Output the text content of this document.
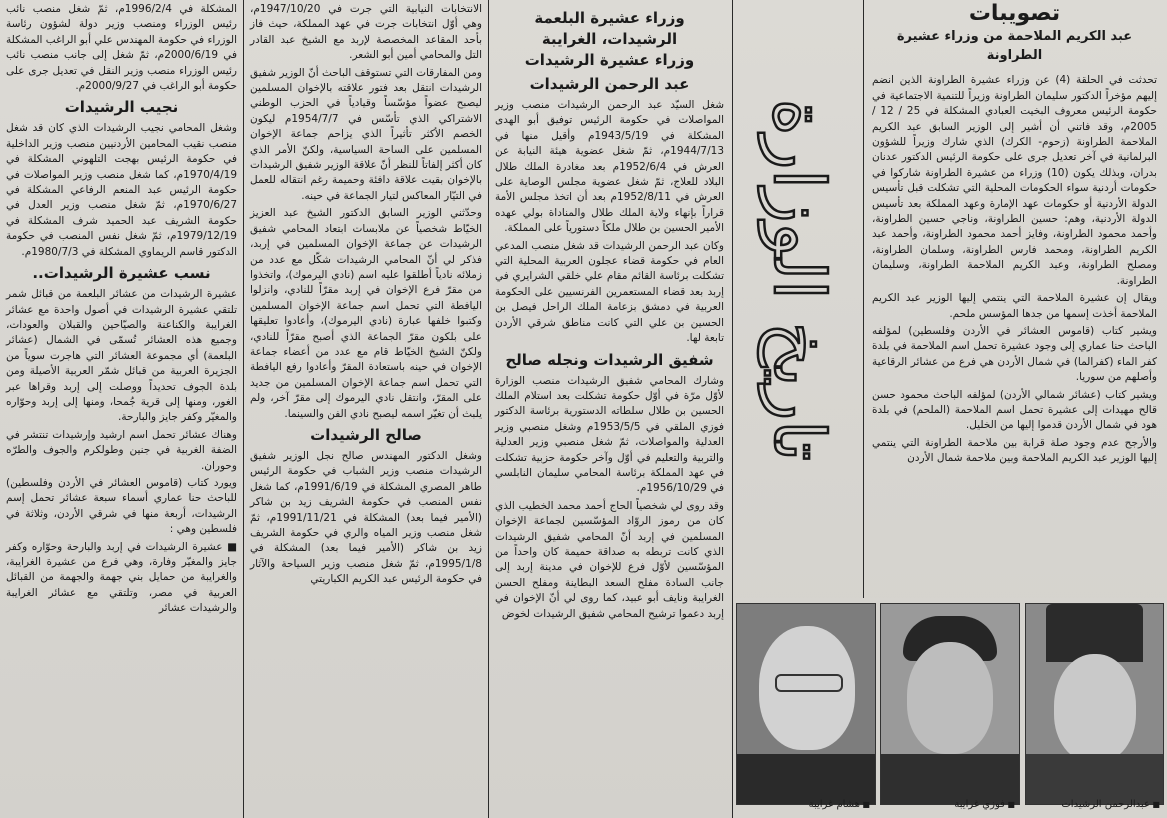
تصويبات
عبد الكريم الملاحمة من وزراء عشيرة الطراونة

تحدثت في الحلقة (4) عن وزراء عشيرة الطراونة الذين انضم إليهم مؤخراً الدكتور سليمان الطراونة وزيراً للتنمية الاجتماعية في حكومة الرئيس معروف البخيت العبادي المشكلة في 25 / 12 / 2005م، وقد فاتني أن أشير إلى الوزير السابق عبد الكريم الملاحمة الطراونة (زحوم- الكرك) الذي شارك وزيراً للشؤون البرلمانية في آخر تعديل جرى على حكومة الرئيس الدكتور عدنان بدران، وبذلك يكون (10) وزراء من عشيرة الطراونة شاركوا في حكومات أردنية سواء الحكومات المحلية التي تشكلت قبل تأسيس الدولة الأردنية أو حكومات عهد الإمارة وعهد المملكة بعد تأسيس الدولة الأردنية، وهم: حسين الطراونة، وناجي حسين الطراونة، وأحمد محمود الطراونة، وفايز أحمد محمود الطراونة، وأحمد عبد الكريم الطراونة، ومحمد فارس الطراونة، وسلمان الطراونة، ومصلح الطراونة، وعبد الكريم الملاحمة الطراونة، وسليمان الطراونة.

ويقال إن عشيرة الملاحمة التي ينتمي إليها الوزير عبد الكريم الملاحمة أخذت إسمها من جدها المؤسس ملحم.

ويشير كتاب (قاموس العشائر في الأردن وفلسطين) لمؤلفه الباحث حنا عماري إلى وجود عشيرة تحمل اسم الملاحمة في بلدة كفر الماء (كفرالما) في شمال الأردن هي فرع من عشائر الرقاعية وأصلهم من سوريا.

ويشير كتاب (عشائر شمالي الأردن) لمؤلفه الباحث محمود حسن قالح مهيدات إلى عشيرة تحمل اسم الملاحمة (الملحم) في بلدة هود في شمال الأردن قدموا إليها من الخليل.

والأرجح عدم وجود صلة قرابة بين ملاحمة الطراونة التي ينتمي إليها الوزير عبد الكريم الملاحمة وبين ملاحمة شمال الأردن

تاريخ الوزارة
وزراء عشيرة البلعمة
الرشيدات، الغرايبة
وزراء عشيرة الرشيدات
عبد الرحمن الرشيدات

شغل السيّد عبد الرحمن الرشيدات منصب وزير المواصلات في حكومة الرئيس توفيق أبو الهدى المشكلة في 1943/5/19م وأقيل منها في 1944/7/13م، ثمّ شغل عضوية هيئة النيابة عن العرش في 1952/6/4م بعد مغادرة الملك طلال البلاد للعلاج، ثمّ شغل عضوية مجلس الوصاية على العرش في 1952/8/11م بعد أن اتخذ مجلس الأمة قراراً بإنهاء ولاية الملك طلال والمناداة بولي عهده الأمير الحسين بن طلال ملكاً دستورياً على المملكة.

وكان عبد الرحمن الرشيدات قد شغل منصب المدعي العام في حكومة قضاء عجلون العربية المحلية التي تشكلت برئاسة القائم مقام علي خلقي الشرايري في إربد بعد قضاء المستعمرين الفرنسيين على الحكومة العربية في دمشق بزعامة الملك الراحل فيصل بن الحسين بن علي التي كانت مناطق شرقي الأردن تابعة لها.

شفيق الرشيدات ونجله صالح

وشارك المحامي شفيق الرشيدات منصب الوزارة لأوّل مرّة في أوّل حكومة تشكلت بعد استلام الملك الحسين بن طلال سلطاته الدستورية برئاسة الدكتور فوزي الملقي في 1953/5/5م وشغل منصبي وزير العدلية والمواصلات، ثمّ شغل منصبي وزير العدلية والتربية والتعليم في أوّل وآخر حكومة حزبية تشكلت في عهد المملكة برئاسة المحامي سليمان النابلسي في 1956/10/29م.

وقد روى لي شخصياً الحاج أحمد محمد الخطيب الذي كان من رموز الروّاد المؤسّسين لجماعة الإخوان المسلمين في إربد أنّ المحامي شفيق الرشيدات الذي كانت تربطه به صداقة حميمة كان واحداً من المؤسّسين لأوّل فرع للإخوان في مدينة إربد إلى جانب السادة مفلح السعد البطاينة ومفلح الحسن الغرايبة ونايف أبو عبيد، كما روى لي أنّ الإخوان في إربد دعموا ترشيح المحامي شفيق الرشيدات لخوض

الانتخابات النيابية التي جرت في 1947/10/20م، وهي أوّل انتخابات جرت في عهد المملكة، حيث فاز بأحد المقاعد المخصصة لإربد مع الشيخ عبد القادر التل والمحامي أمين أبو الشعر.

ومن المفارقات التي تستوقف الباحث أنّ الوزير شفيق الرشيدات انتقل بعد فتور علاقته بالإخوان المسلمين ليصبح عضواً مؤسّساً وقيادياً في الحزب الوطني الاشتراكي الذي تأسّس في 1954/7/7م ليكون الخصم الأكثر تأثيراً الذي يزاحم جماعة الإخوان المسلمين على الساحة السياسية، ولكنّ الأمر الذي كان أكثر إلفاتاً للنظر أنّ علاقة الوزير شفيق الرشيدات بالإخوان بقيت علاقة دافئة وحميمة رغم انتقاله للعمل في التيّار المعاكس لتيار الجماعة في حينه.

وحدّثني الوزير السابق الدكتور الشيخ عبد العزيز الخيّاط شخصياً عن ملابسات ابتعاد المحامي شفيق الرشيدات عن جماعة الإخوان المسلمين في إربد، فذكر لي أنّ المحامي الرشيدات شكّل مع عدد من زملائه نادياً أطلقوا عليه اسم (نادي اليرموك)، واتخذوا من مقرّ فرع الإخوان في إربد مقرّاً للنادي، وانزلوا اليافطة التي تحمل اسم جماعة الإخوان المسلمين وكتبوا خلفها عبارة (نادي اليرموك)، وأعادوا تعليقها على بلكون مقرّ الجماعة الذي أصبح مقرّاً للنادي، ولكنّ الشيخ الخيّاط قام مع عدد من أعضاء جماعة الإخوان في حينه باستعادة المقرّ وأعادوا رفع اليافطة التي تحمل اسم جماعة الإخوان المسلمين من جديد على المقرّ، وانتقل نادي اليرموك إلى مقرّ آخر، ولم يلبث أن تغيّر اسمه ليصبح نادي الفن والسينما.

صالح الرشيدات

وشغل الدكتور المهندس صالح نجل الوزير شفيق الرشيدات منصب وزير الشباب في حكومة الرئيس طاهر المصري المشكلة في 1991/6/19م، كما شغل نفس المنصب في حكومة الشريف زيد بن شاكر (الأمير فيما بعد) المشكلة في 1991/11/21م، ثمّ شغل منصب وزير المياه والري في حكومة الشريف زيد بن شاكر (الأمير فيما بعد) المشكلة في 1995/1/8م، ثمّ شغل منصب وزير السياحة والآثار في حكومة الرئيس عبد الكريم الكباريتي

المشكلة في 1996/2/4م، ثمّ شغل منصب نائب رئيس الوزراء ومنصب وزير دولة لشؤون رئاسة الوزراء في حكومة المهندس علي أبو الراغب المشكلة في 2000/6/19م، ثمّ شغل إلى جانب منصب نائب رئيس الوزراء منصب وزير النقل في تعديل جرى على حكومة أبو الراغب في 2000/9/27م.

نجيب الرشيدات

وشغل المحامي نجيب الرشيدات الذي كان قد شغل منصب نقيب المحامين الأردنيين منصب وزير الداخلية في حكومة الرئيس بهجت التلهوني المشكلة في 1970/4/19م، كما شغل منصب وزير المواصلات في حكومة الرئيس عبد المنعم الرفاعي المشكلة في 1970/6/27م، ثمّ شغل منصب وزير العدل في حكومة الشريف عبد الحميد شرف المشكلة في 1979/12/19م، ثمّ شغل نفس المنصب في حكومة الدكتور قاسم الريماوي المشكلة في 1980/7/3م.

نسب عشيرة الرشيدات..

عشيرة الرشيدات من عشائر البلعمة من قبائل شمر تلتقي عشيرة الرشيدات في أصول واحدة مع عشائر الغرايبة والكناعنة والصيّاحين والقبلان والعودات، وجميع هذه العشائر تُسمّى في الشمال (عشائر البلعمة) أي مجموعة العشائر التي هاجرت سوياً من الجزيرة العربية من قبائل شمّر العربية الأصيلة ومن بلدة الجوف تحديداً ووصلت إلى إربد وقراها عبر الغور، ومنها إلى قرية جُمحا، ومنها إلى إربد وحوّاره والمغيّر وكفر جايز والبارحة.

وهناك عشائر تحمل اسم ارشيد وإرشيدات تنتشر في الضفة الغربية في جنين وطولكرم والجوف والطرّه وحوران.

ويورد كتاب (قاموس العشائر في الأردن وفلسطين) للباحث حنا عماري أسماء سبعة عشائر تحمل إسم الرشيدات، أربعة منها في شرقي الأردن، وثلاثة في فلسطين وهي :

■ عشيرة الرشيدات في إربد والبارحة وحوّاره وكفر جايز والمغيّر وفارة، وهي فرع من عشيرة الغرايبة، والغرايبة من حمايل بني جهمة والجهمة من القبائل العربية في مصر، وتلتقي مع عشائر الغرايبة والرشيدات عشائر

■ عبدالرحمن الرشيدات
■ فوزي غرايبة
■ هشام غرايبة
